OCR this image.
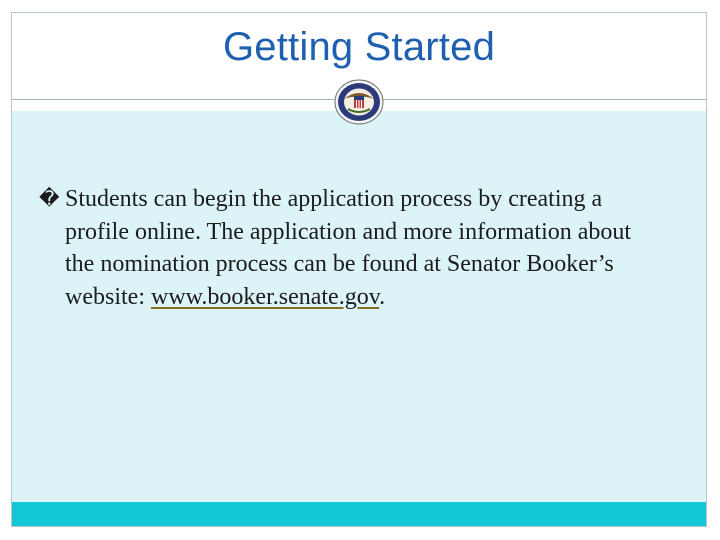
Getting Started

� Students can begin the application process by creating a profile online. The application and more information about the nomination process can be found at Senator Booker’s website: www.booker.senate.gov.
